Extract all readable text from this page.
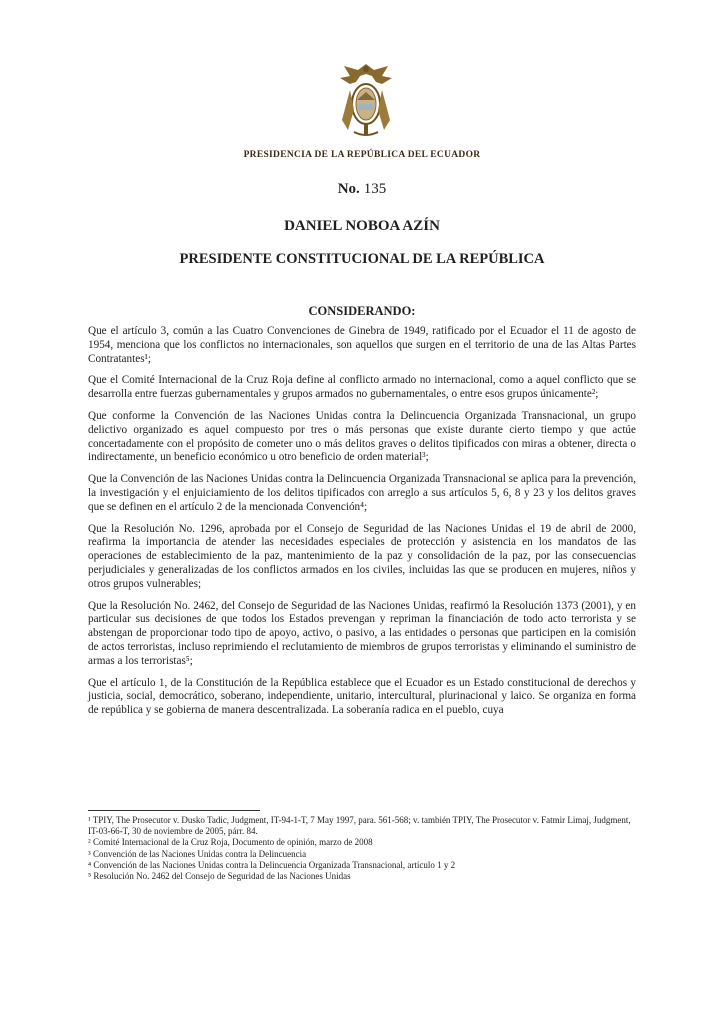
PRESIDENCIA DE LA REPÚBLICA DEL ECUADOR
No. 135
DANIEL NOBOA AZÍN
PRESIDENTE CONSTITUCIONAL DE LA REPÚBLICA
CONSIDERANDO:

Que el artículo 3, común a las Cuatro Convenciones de Ginebra de 1949, ratificado por el Ecuador el 11 de agosto de 1954, menciona que los conflictos no internacionales, son aquellos que surgen en el territorio de una de las Altas Partes Contratantes¹;

Que el Comité Internacional de la Cruz Roja define al conflicto armado no internacional, como a aquel conflicto que se desarrolla entre fuerzas gubernamentales y grupos armados no gubernamentales, o entre esos grupos únicamente²;

Que conforme la Convención de las Naciones Unidas contra la Delincuencia Organizada Transnacional, un grupo delictivo organizado es aquel compuesto por tres o más personas que existe durante cierto tiempo y que actúe concertadamente con el propósito de cometer uno o más delitos graves o delitos tipificados con miras a obtener, directa o indirectamente, un beneficio económico u otro beneficio de orden material³;

Que la Convención de las Naciones Unidas contra la Delincuencia Organizada Transnacional se aplica para la prevención, la investigación y el enjuiciamiento de los delitos tipificados con arreglo a sus artículos 5, 6, 8 y 23 y los delitos graves que se definen en el artículo 2 de la mencionada Convención⁴;

Que la Resolución No. 1296, aprobada por el Consejo de Seguridad de las Naciones Unidas el 19 de abril de 2000, reafirma la importancia de atender las necesidades especiales de protección y asistencia en los mandatos de las operaciones de establecimiento de la paz, mantenimiento de la paz y consolidación de la paz, por las consecuencias perjudiciales y generalizadas de los conflictos armados en los civiles, incluidas las que se producen en mujeres, niños y otros grupos vulnerables;

Que la Resolución No. 2462, del Consejo de Seguridad de las Naciones Unidas, reafirmó la Resolución 1373 (2001), y en particular sus decisiones de que todos los Estados prevengan y repriman la financiación de todo acto terrorista y se abstengan de proporcionar todo tipo de apoyo, activo, o pasivo, a las entidades o personas que participen en la comisión de actos terroristas, incluso reprimiendo el reclutamiento de miembros de grupos terroristas y eliminando el suministro de armas a los terroristas⁵;

Que el artículo 1, de la Constitución de la República establece que el Ecuador es un Estado constitucional de derechos y justicia, social, democrático, soberano, independiente, unitario, intercultural, plurinacional y laico. Se organiza en forma de república y se gobierna de manera descentralizada. La soberanía radica en el pueblo, cuya

¹ TPIY, The Prosecutor v. Dusko Tadic, Judgment, IT-94-1-T, 7 May 1997, para. 561-568; v. también TPIY, The Prosecutor v. Fatmir Limaj, Judgment, IT-03-66-T, 30 de noviembre de 2005, párr. 84.
² Comité Internacional de la Cruz Roja, Documento de opinión, marzo de 2008
³ Convención de las Naciones Unidas contra la Delincuencia
⁴ Convención de las Naciones Unidas contra la Delincuencia Organizada Transnacional, artículo 1 y 2
⁵ Resolución No. 2462 del Consejo de Seguridad de las Naciones Unidas
